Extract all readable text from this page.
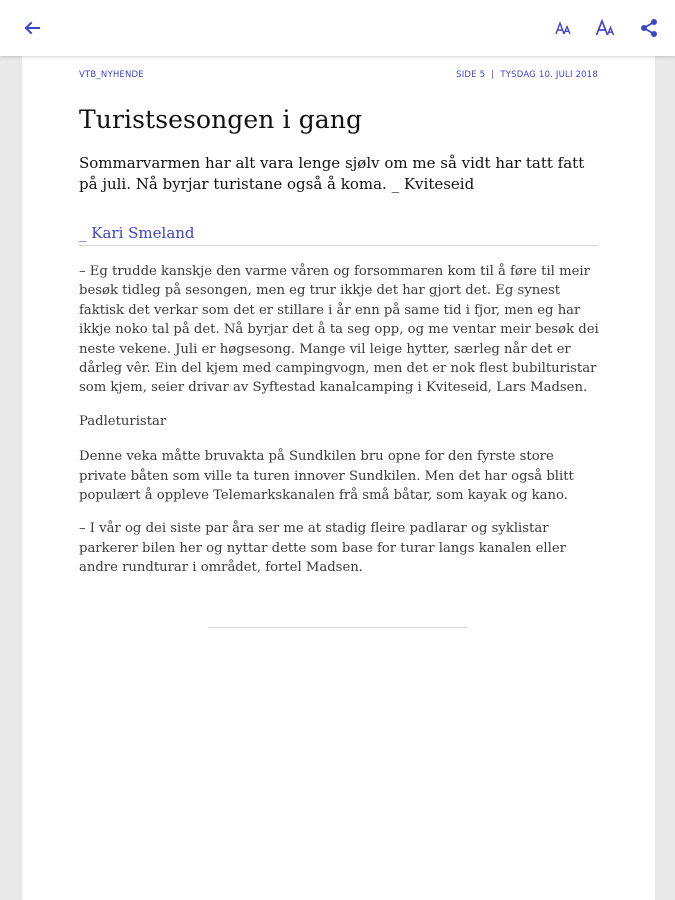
VTB_NYHENDE	SIDE 5 | TYSDAG 10. JULI 2018
Turistsesongen i gang

Sommarvarmen har alt vara lenge sjølv om me så vidt har tatt fatt på juli. Nå byrjar turistane også å koma. _ Kviteseid

_ Kari Smeland

– Eg trudde kanskje den varme våren og forsommaren kom til å føre til meir besøk tidleg på sesongen, men eg trur ikkje det har gjort det. Eg synest faktisk det verkar som det er stillare i år enn på same tid i fjor, men eg har ikkje noko tal på det. Nå byrjar det å ta seg opp, og me ventar meir besøk dei neste vekene. Juli er høgsesong. Mange vil leige hytter, særleg når det er dårleg vêr. Ein del kjem med campingvogn, men det er nok flest bubilturistar som kjem, seier drivar av Syftestad kanalcamping i Kviteseid, Lars Madsen.

Padleturistar

Denne veka måtte bruvakta på Sundkilen bru opne for den fyrste store private båten som ville ta turen innover Sundkilen. Men det har også blitt populært å oppleve Telemarkskanalen frå små båtar, som kayak og kano.

– I vår og dei siste par åra ser me at stadig fleire padlarar og syklistar parkerer bilen her og nyttar dette som base for turar langs kanalen eller andre rundturar i området, fortel Madsen.
